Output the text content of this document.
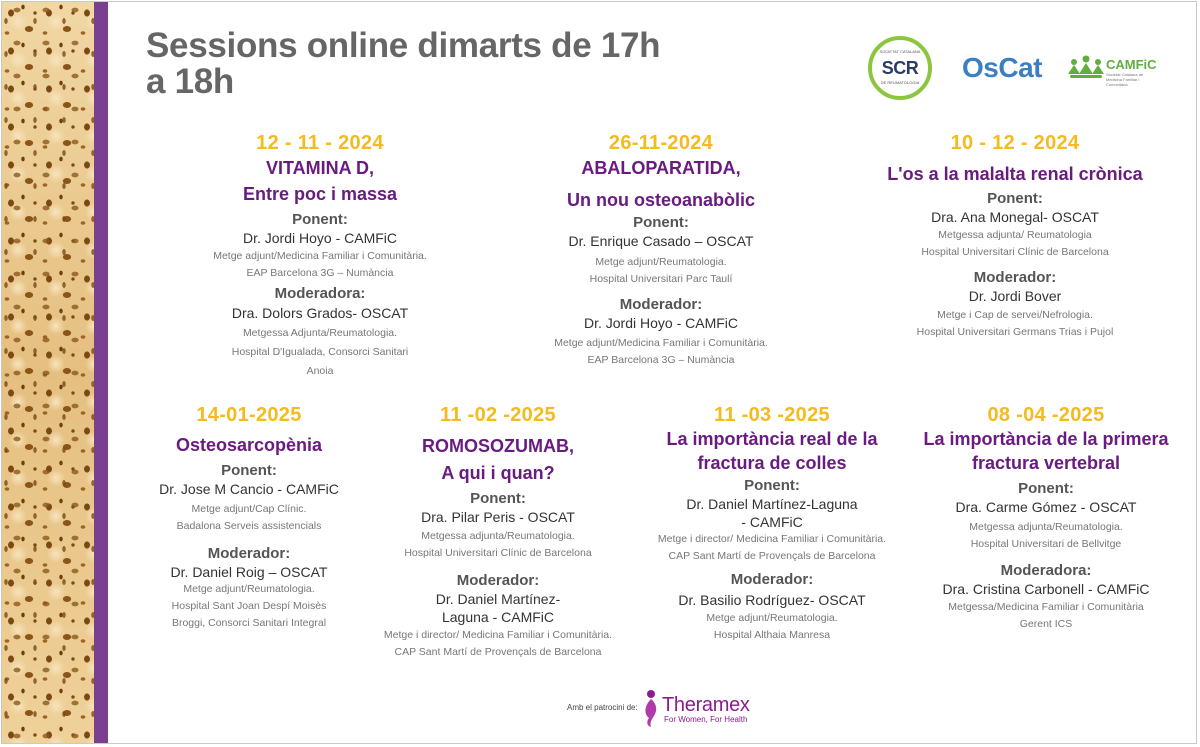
Sessions online dimarts de 17h a 18h
SOCIETAT CATALANA
SCR
DE REUMATOLOGIA	OsCat	CAMFiC
Societat Catalana de Medicina Familiar i Comunitària
12 - 11 - 2024
VITAMINA D,
Entre poc i massa
Ponent:
Dr. Jordi Hoyo - CAMFiC
Metge adjunt/Medicina Familiar i Comunitària.
EAP Barcelona 3G – Numància
Moderadora:
Dra. Dolors Grados- OSCAT
Metgessa Adjunta/Reumatologia.
Hospital D'Igualada, Consorci Sanitari
Anoia
26-11-2024
ABALOPARATIDA,
Un nou osteoanabòlic
Ponent:
Dr. Enrique Casado – OSCAT
Metge adjunt/Reumatologia.
Hospital Universitari Parc Taulí
Moderador:
Dr. Jordi Hoyo - CAMFiC
Metge adjunt/Medicina Familiar i Comunitària.
EAP Barcelona 3G – Numància
10 - 12 - 2024
L'os a la malalta renal crònica
Ponent:
Dra. Ana Monegal- OSCAT
Metgessa adjunta/ Reumatologia
Hospital Universitari Clínic de Barcelona
Moderador:
Dr. Jordi Bover
Metge i Cap de servei/Nefrologia.
Hospital Universitari Germans Trias i Pujol
14-01-2025
Osteosarcopènia
Ponent:
Dr. Jose M Cancio - CAMFiC
Metge adjunt/Cap Clínic.
Badalona Serveis assistencials
Moderador:
Dr. Daniel Roig – OSCAT
Metge adjunt/Reumatologia.
Hospital Sant Joan Despí Moisès
Broggi, Consorci Sanitari Integral
11 -02 -2025
ROMOSOZUMAB,
A qui i quan?
Ponent:
Dra. Pilar Peris - OSCAT
Metgessa adjunta/Reumatologia.
Hospital Universitari Clínic de Barcelona
Moderador:
Dr. Daniel Martínez-
Laguna - CAMFiC
Metge i director/ Medicina Familiar i Comunitària.
CAP Sant Martí de Provençals de Barcelona
11 -03 -2025
La importància real de la
fractura de colles
Ponent:
Dr. Daniel Martínez-Laguna
- CAMFiC
Metge i director/ Medicina Familiar i Comunitària.
CAP Sant Martí de Provençals de Barcelona
Moderador:
Dr. Basilio Rodríguez- OSCAT
Metge adjunt/Reumatologia.
Hospital Althaia Manresa
08 -04 -2025
La importància de la primera
fractura vertebral
Ponent:
Dra. Carme Gómez - OSCAT
Metgessa adjunta/Reumatologia.
Hospital Universitari de Bellvitge
Moderadora:
Dra. Cristina Carbonell - CAMFiC
Metgessa/Medicina Familiar i Comunitària
Gerent ICS
Amb el patrocini de: Theramex
For Women, For Health
